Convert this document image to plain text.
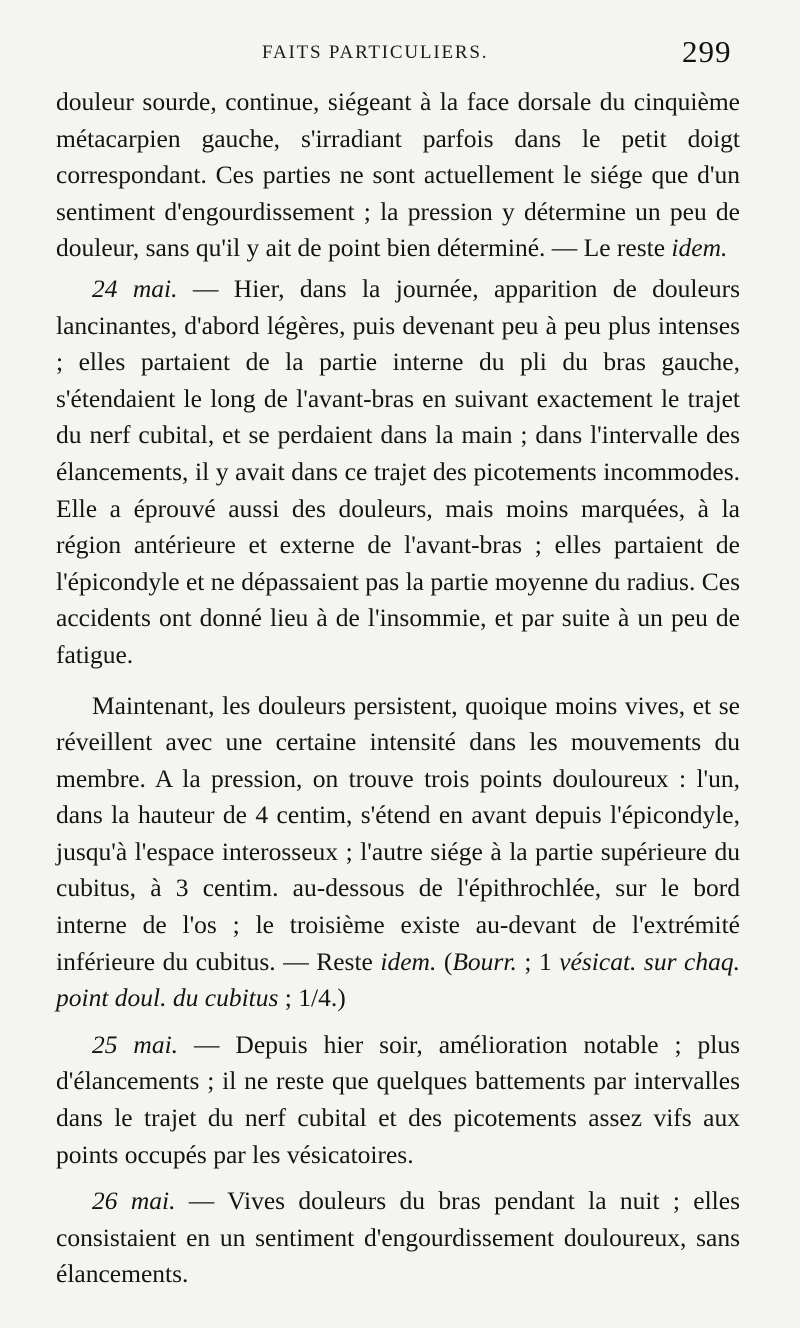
FAITS PARTICULIERS.	299

douleur sourde, continue, siégeant à la face dorsale du cinquième métacarpien gauche, s'irradiant parfois dans le petit doigt correspondant. Ces parties ne sont actuellement le siége que d'un sentiment d'engourdissement ; la pression y détermine un peu de douleur, sans qu'il y ait de point bien déterminé. — Le reste idem.

24 mai. — Hier, dans la journée, apparition de douleurs lancinantes, d'abord légères, puis devenant peu à peu plus intenses ; elles partaient de la partie interne du pli du bras gauche, s'étendaient le long de l'avant-bras en suivant exactement le trajet du nerf cubital, et se perdaient dans la main ; dans l'intervalle des élancements, il y avait dans ce trajet des picotements incommodes. Elle a éprouvé aussi des douleurs, mais moins marquées, à la région antérieure et externe de l'avant-bras ; elles partaient de l'épicondyle et ne dépassaient pas la partie moyenne du radius. Ces accidents ont donné lieu à de l'insommie, et par suite à un peu de fatigue.

Maintenant, les douleurs persistent, quoique moins vives, et se réveillent avec une certaine intensité dans les mouvements du membre. A la pression, on trouve trois points douloureux : l'un, dans la hauteur de 4 centim, s'étend en avant depuis l'épicondyle, jusqu'à l'espace interosseux ; l'autre siége à la partie supérieure du cubitus, à 3 centim. au-dessous de l'épithrochlée, sur le bord interne de l'os ; le troisième existe au-devant de l'extrémité inférieure du cubitus. — Reste idem. (Bourr. ; 1 vésicat. sur chaq. point doul. du cubitus ; 1/4.)

25 mai. — Depuis hier soir, amélioration notable ; plus d'élancements ; il ne reste que quelques battements par intervalles dans le trajet du nerf cubital et des picotements assez vifs aux points occupés par les vésicatoires.

26 mai. — Vives douleurs du bras pendant la nuit ; elles consistaient en un sentiment d'engourdissement douloureux, sans élancements.
